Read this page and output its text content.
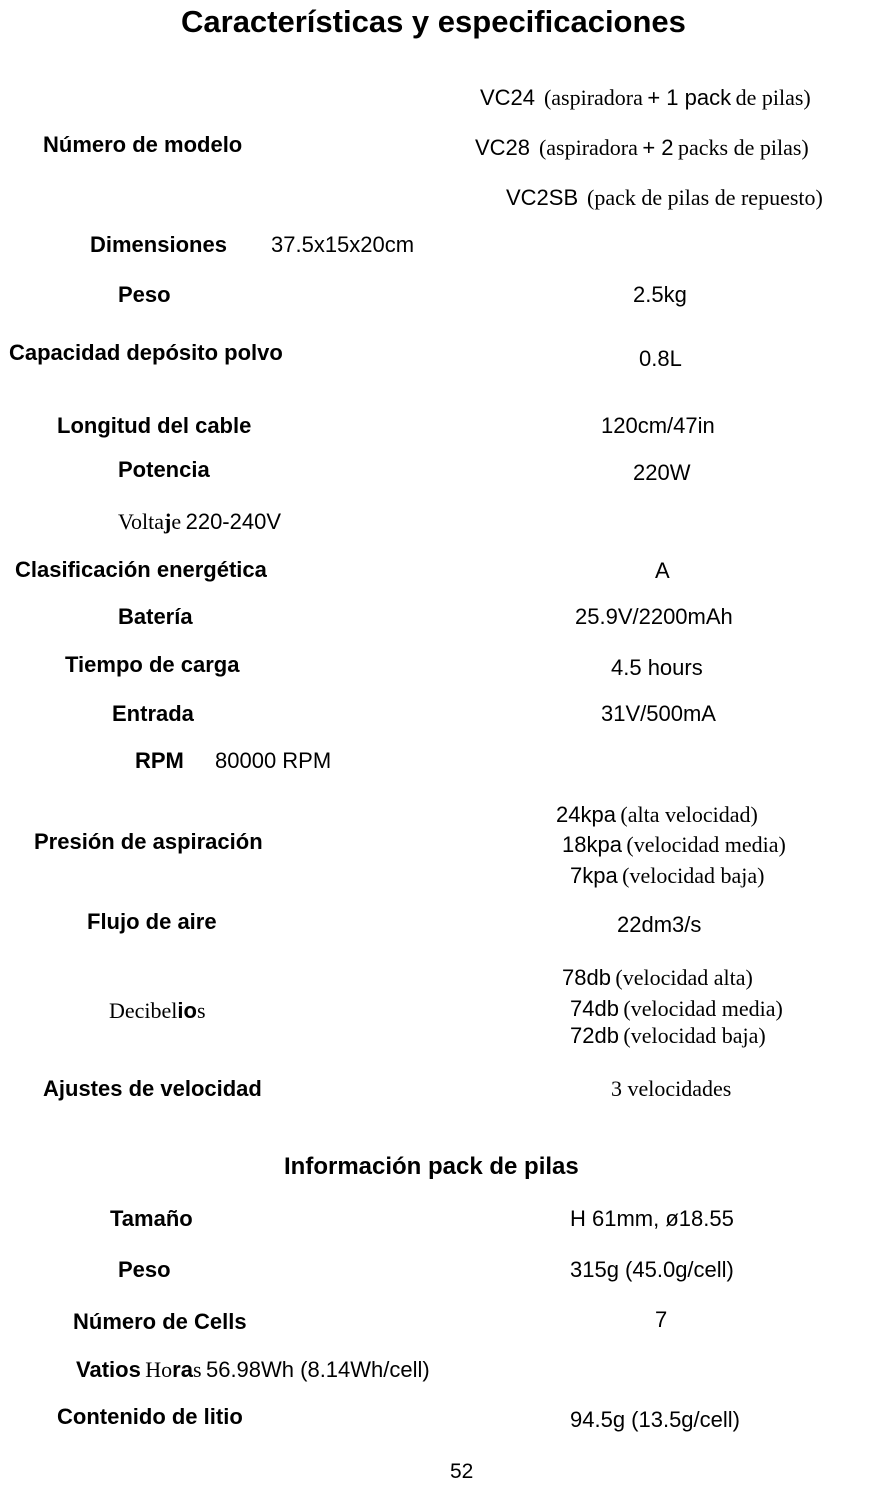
Características y especificaciones
Número de modelo
VC24 (aspiradora + 1 pack de pilas)
VC28 (aspiradora + 2 packs de pilas)
VC2SB (pack de pilas de repuesto)
Dimensiones 37.5x15x20cm
Peso	2.5kg
Capacidad depósito polvo	0.8L
Longitud del cable	120cm/47in
Potencia	220W
Voltaje 220-240V
Clasificación energética	A
Batería	25.9V/2200mAh
Tiempo de carga	4.5 hours
Entrada	31V/500mA
RPM 80000 RPM
Presión de aspiración
24kpa (alta velocidad)
18kpa (velocidad media)
7kpa (velocidad baja)
Flujo de aire	22dm3/s
Decibelios
78db (velocidad alta)
74db (velocidad media)
72db (velocidad baja)
Ajustes de velocidad	3 velocidades
Información pack de pilas
Tamaño	H 61mm, ø18.55
Peso	315g (45.0g/cell)
Número de Cells	7
Vatios Horas 56.98Wh (8.14Wh/cell)
Contenido de litio	94.5g (13.5g/cell)
52
